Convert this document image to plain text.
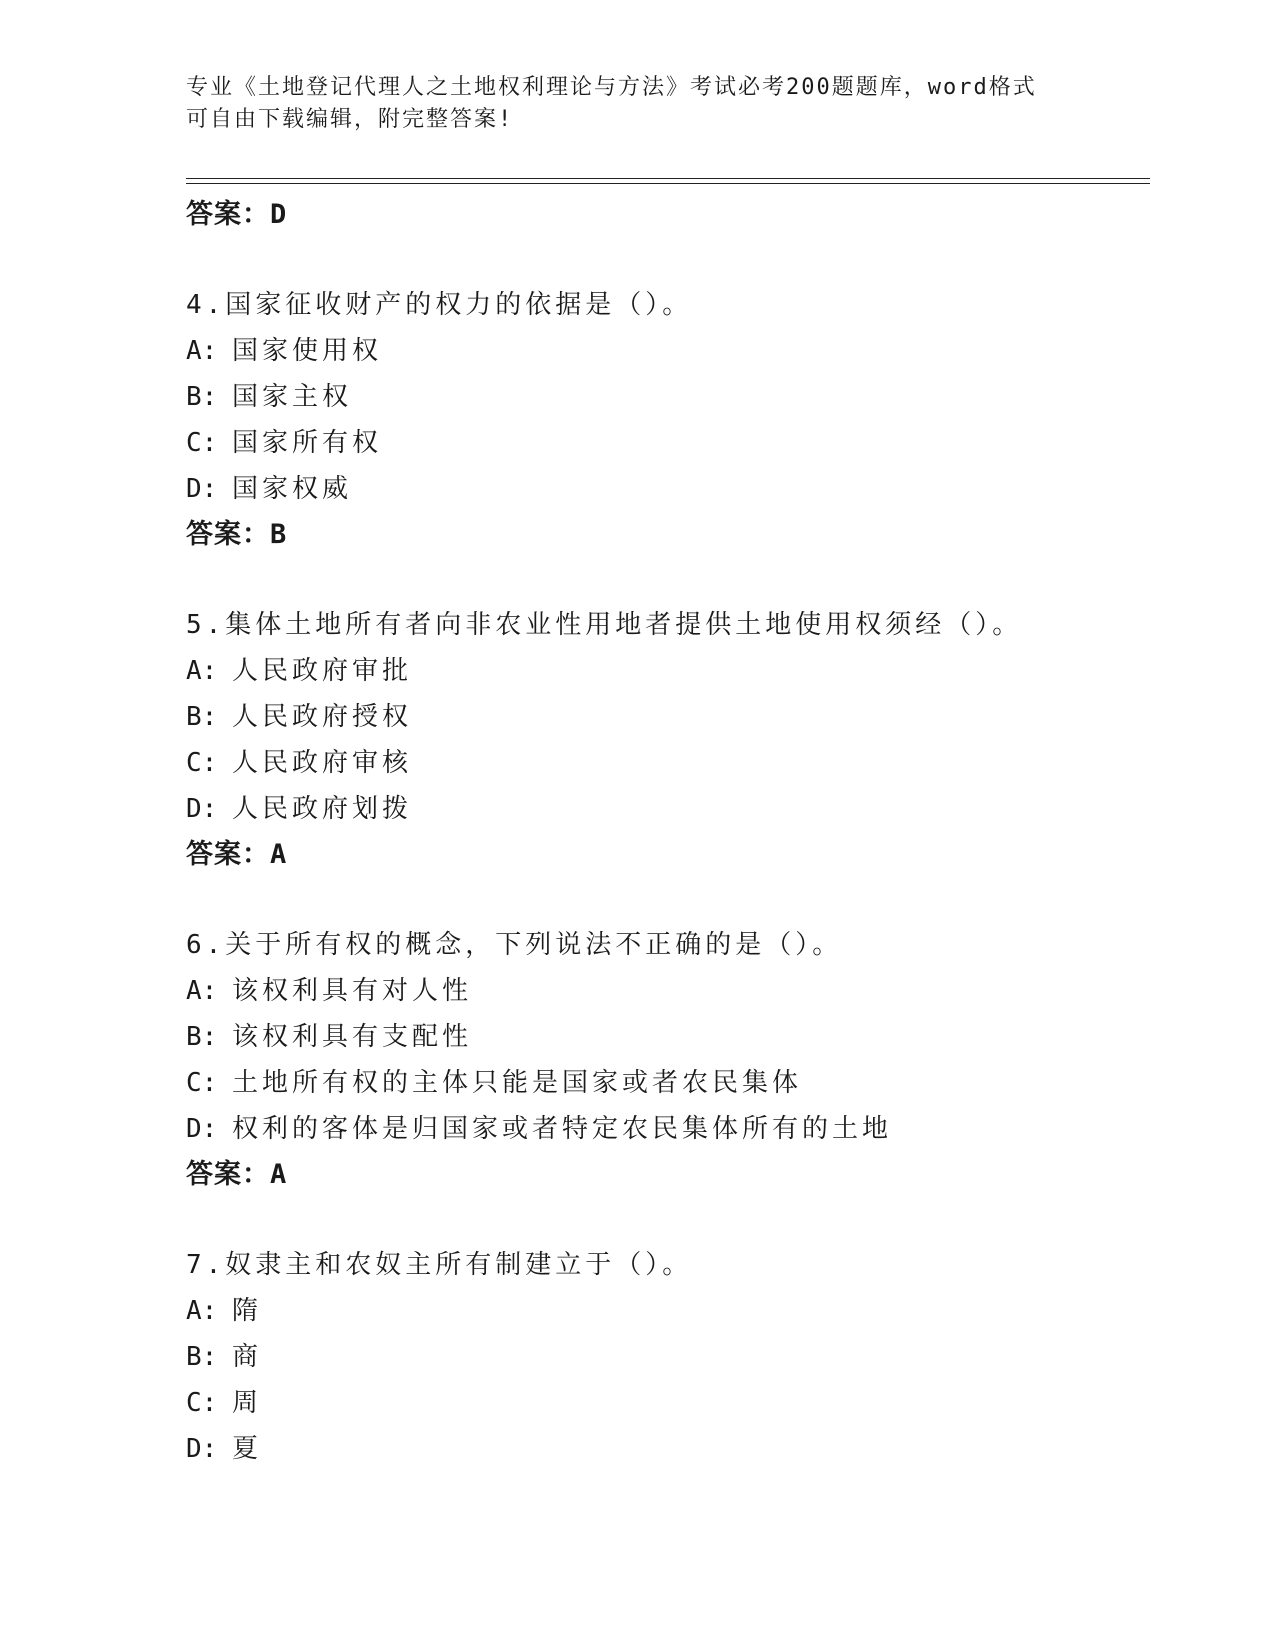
专业《土地登记代理人之土地权利理论与方法》考试必考200题题库，word格式
可自由下载编辑，附完整答案!
答案：D
4.国家征收财产的权力的依据是（）。
A: 国家使用权
B: 国家主权
C: 国家所有权
D: 国家权威
答案：B
5.集体土地所有者向非农业性用地者提供土地使用权须经（）。
A: 人民政府审批
B: 人民政府授权
C: 人民政府审核
D: 人民政府划拨
答案：A
6.关于所有权的概念，下列说法不正确的是（）。
A: 该权利具有对人性
B: 该权利具有支配性
C: 土地所有权的主体只能是国家或者农民集体
D: 权利的客体是归国家或者特定农民集体所有的土地
答案：A
7.奴隶主和农奴主所有制建立于（）。
A: 隋
B: 商
C: 周
D: 夏
